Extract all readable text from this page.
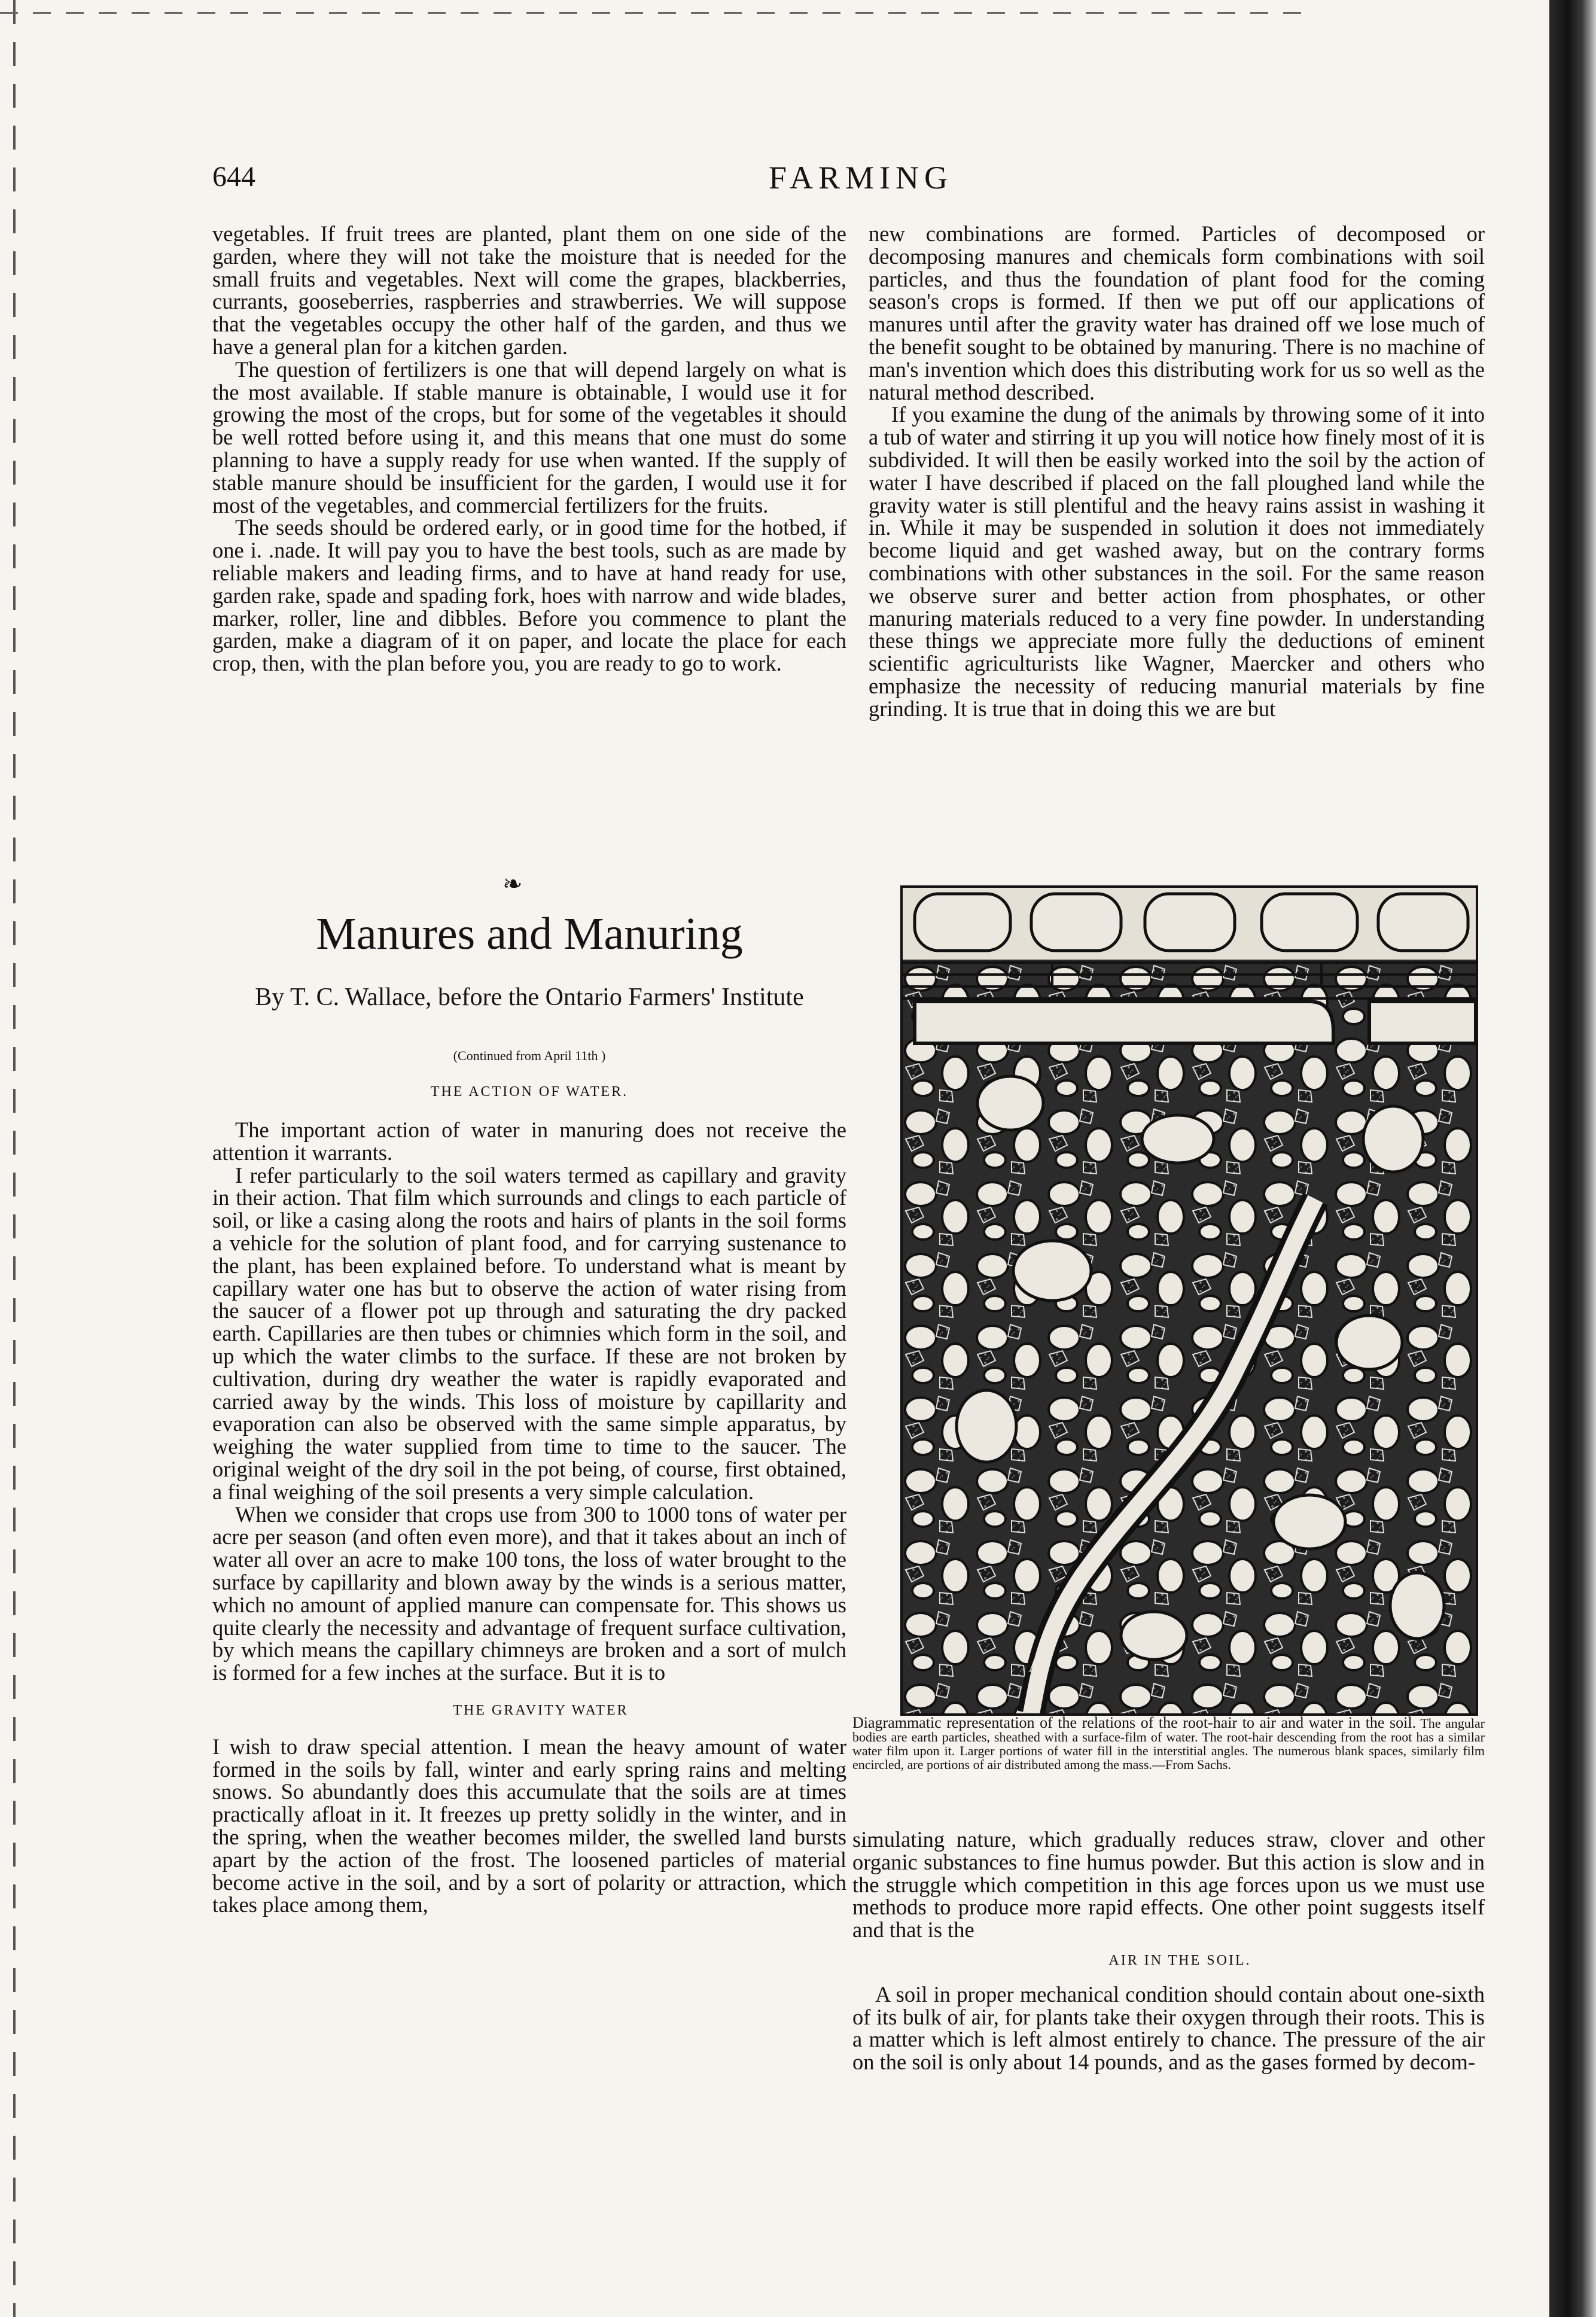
644	FARMING

vegetables. If fruit trees are planted, plant them on one side of the garden, where they will not take the moisture that is needed for the small fruits and vegetables. Next will come the grapes, blackberries, currants, gooseberries, raspberries and strawberries. We will suppose that the vegetables occupy the other half of the garden, and thus we have a general plan for a kitchen garden.

The question of fertilizers is one that will depend largely on what is the most available. If stable manure is obtainable, I would use it for growing the most of the crops, but for some of the vegetables it should be well rotted before using it, and this means that one must do some planning to have a supply ready for use when wanted. If the supply of stable manure should be insufficient for the garden, I would use it for most of the vegetables, and commercial fertilizers for the fruits.

The seeds should be ordered early, or in good time for the hotbed, if one i. .nade. It will pay you to have the best tools, such as are made by reliable makers and leading firms, and to have at hand ready for use, garden rake, spade and spading fork, hoes with narrow and wide blades, marker, roller, line and dibbles. Before you commence to plant the garden, make a diagram of it on paper, and locate the place for each crop, then, with the plan before you, you are ready to go to work.

new combinations are formed. Particles of decomposed or decomposing manures and chemicals form combinations with soil particles, and thus the foundation of plant food for the coming season's crops is formed. If then we put off our applications of manures until after the gravity water has drained off we lose much of the benefit sought to be obtained by manuring. There is no machine of man's invention which does this distributing work for us so well as the natural method described.

If you examine the dung of the animals by throwing some of it into a tub of water and stirring it up you will notice how finely most of it is subdivided. It will then be easily worked into the soil by the action of water I have described if placed on the fall ploughed land while the gravity water is still plentiful and the heavy rains assist in washing it in. While it may be suspended in solution it does not immediately become liquid and get washed away, but on the contrary forms combinations with other substances in the soil. For the same reason we observe surer and better action from phosphates, or other manuring materials reduced to a very fine powder. In understanding these things we appreciate more fully the deductions of eminent scientific agriculturists like Wagner, Maercker and others who emphasize the necessity of reducing manurial materials by fine grinding. It is true that in doing this we are but

❧
Manures and Manuring
By T. C. Wallace, before the Ontario Farmers' Institute
(Continued from April 11th )
THE ACTION OF WATER.

The important action of water in manuring does not receive the attention it warrants.

I refer particularly to the soil waters termed as capillary and gravity in their action. That film which surrounds and clings to each particle of soil, or like a casing along the roots and hairs of plants in the soil forms a vehicle for the solution of plant food, and for carrying sustenance to the plant, has been explained before. To understand what is meant by capillary water one has but to observe the action of water rising from the saucer of a flower pot up through and saturating the dry packed earth. Capillaries are then tubes or chimnies which form in the soil, and up which the water climbs to the surface. If these are not broken by cultivation, during dry weather the water is rapidly evaporated and carried away by the winds. This loss of moisture by capillarity and evaporation can also be observed with the same simple apparatus, by weighing the water supplied from time to time to the saucer. The original weight of the dry soil in the pot being, of course, first obtained, a final weighing of the soil presents a very simple calculation.

When we consider that crops use from 300 to 1000 tons of water per acre per season (and often even more), and that it takes about an inch of water all over an acre to make 100 tons, the loss of water brought to the surface by capillarity and blown away by the winds is a serious matter, which no amount of applied manure can compensate for. This shows us quite clearly the necessity and advantage of frequent surface cultivation, by which means the capillary chimneys are broken and a sort of mulch is formed for a few inches at the surface. But it is to

THE GRAVITY WATER

I wish to draw special attention. I mean the heavy amount of water formed in the soils by fall, winter and early spring rains and melting snows. So abundantly does this accumulate that the soils are at times practically afloat in it. It freezes up pretty solidly in the winter, and in the spring, when the weather becomes milder, the swelled land bursts apart by the action of the frost. The loosened particles of material become active in the soil, and by a sort of polarity or attraction, which takes place among them,

A
Diagrammatic representation of the relations of the root-hair to air and water in the soil. The angular bodies are earth particles, sheathed with a surface-film of water. The root-hair descending from the root has a similar water film upon it. Larger portions of water fill in the interstitial angles. The numerous blank spaces, similarly film encircled, are portions of air distributed among the mass.—From Sachs.

simulating nature, which gradually reduces straw, clover and other organic substances to fine humus powder. But this action is slow and in the struggle which competition in this age forces upon us we must use methods to produce more rapid effects. One other point suggests itself and that is the

AIR IN THE SOIL.

A soil in proper mechanical condition should contain about one-sixth of its bulk of air, for plants take their oxygen through their roots. This is a matter which is left almost entirely to chance. The pressure of the air on the soil is only about 14 pounds, and as the gases formed by decom-
